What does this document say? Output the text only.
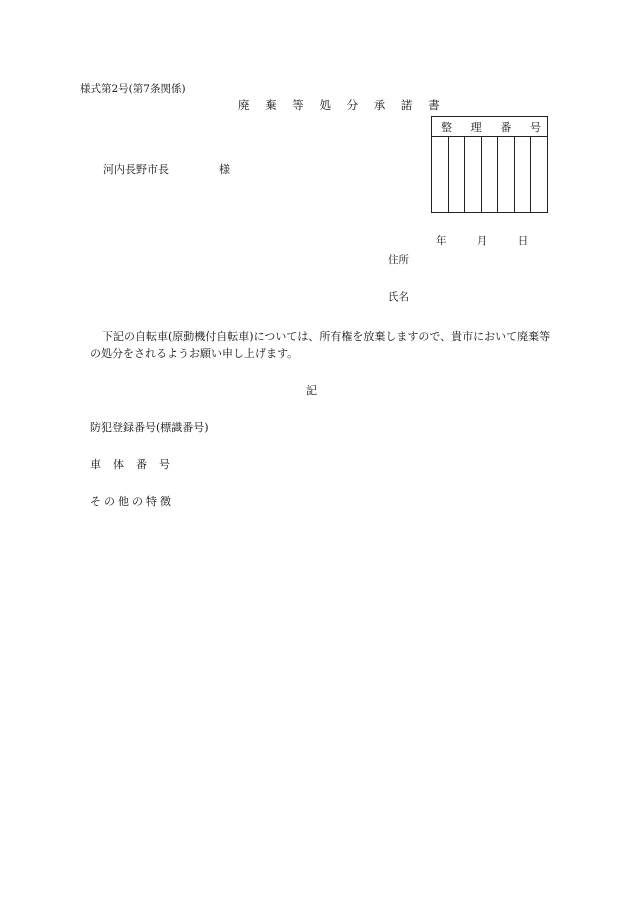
様式第2号(第7条関係)
廃 棄 等 処 分 承 諾 書
整 理 番 号
河内長野市長	様
年	月	日
住所
氏名
下記の自転車(原動機付自転車)については、所有権を放棄しますので、貴市において廃棄等の処分をされるようお願い申し上げます。
記
防犯登録番号(標識番号)
車体番号
その他の特徴
